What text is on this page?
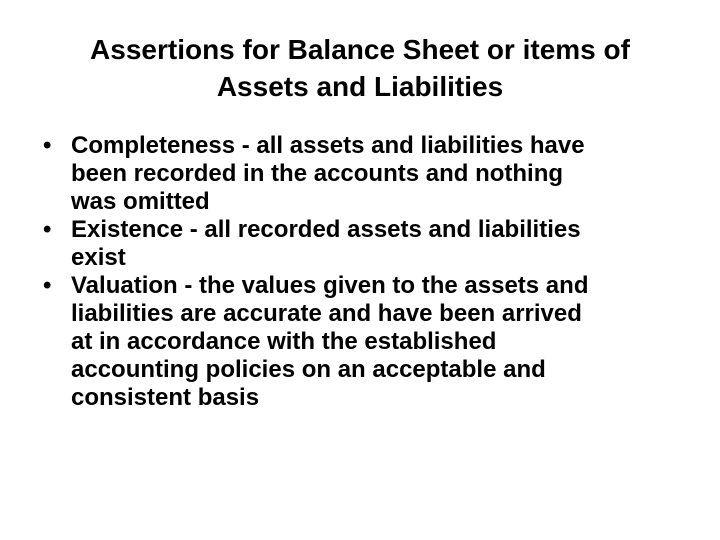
Assertions for Balance Sheet or items of
Assets and Liabilities
• Completeness - all assets and liabilities have
been recorded in the accounts and nothing
was omitted
• Existence - all recorded assets and liabilities
exist
• Valuation - the values given to the assets and
liabilities are accurate and have been arrived
at in accordance with the established
accounting policies on an acceptable and
consistent basis
